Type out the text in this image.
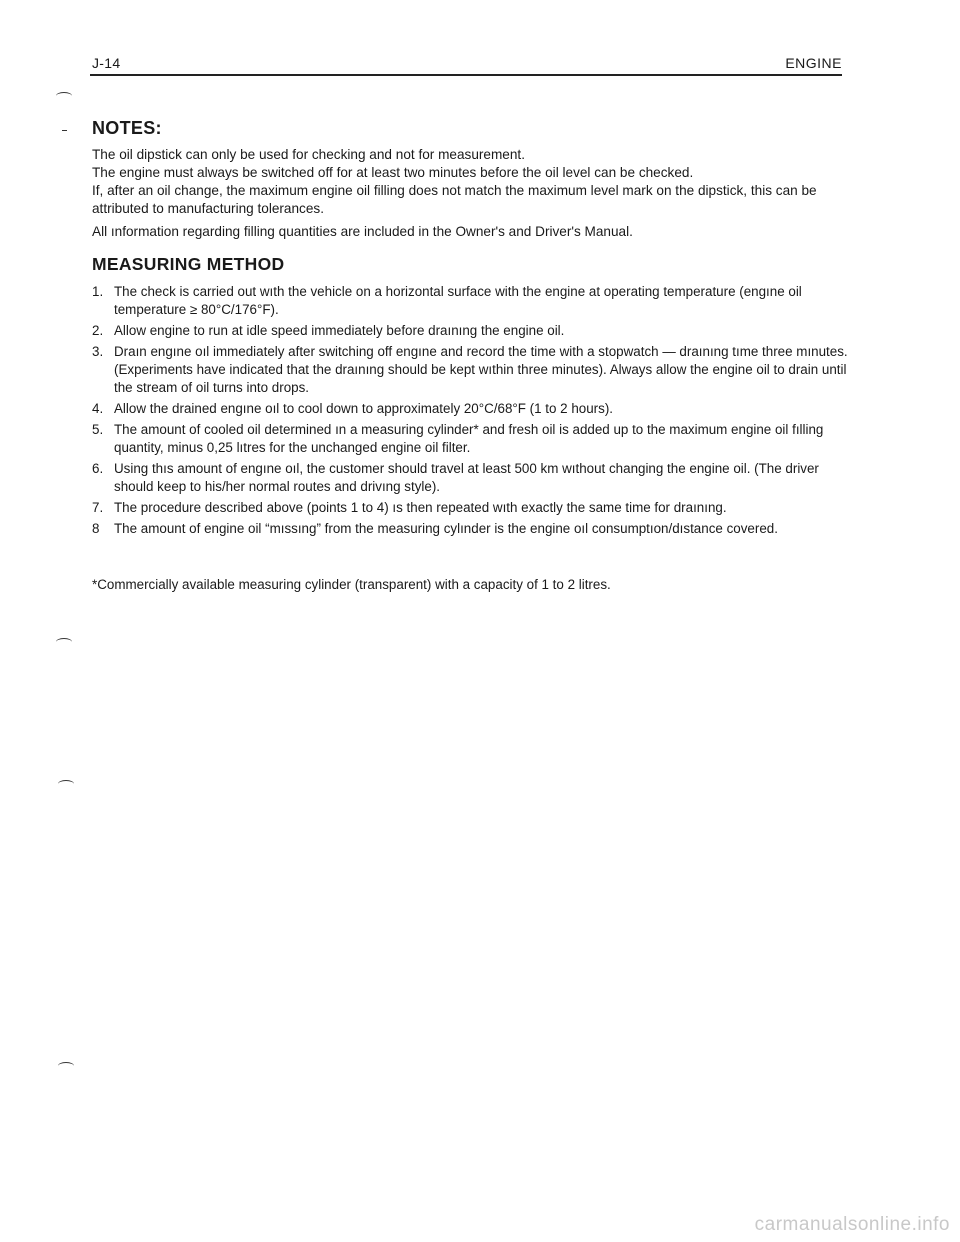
J-14	ENGINE
NOTES:

The oil dipstick can only be used for checking and not for measurement.

The engine must always be switched off for at least two minutes before the oil level can be checked.

If, after an oil change, the maximum engine oil filling does not match the maximum level mark on the dipstick, this can be attributed to manufacturing tolerances.

All ınformation regarding filling quantities are included in the Owner's and Driver's Manual.

MEASURING METHOD
1. The check is carried out wıth the vehicle on a horizontal surface with the engine at operating temperature (engıne oil temperature ≥ 80°C/176°F).
2. Allow engine to run at idle speed immediately before draınıng the engine oil.
3. Draın engıne oıl immediately after switching off engıne and record the time with a stopwatch — draınıng tıme three mınutes. (Experiments have indicated that the draınıng should be kept wıthin three minutes). Always allow the engine oil to drain until the stream of oil turns into drops.
4. Allow the drained engıne oıl to cool down to approximately 20°C/68°F (1 to 2 hours).
5. The amount of cooled oil determined ın a measuring cylinder* and fresh oil is added up to the maximum engine oil fılling quantity, minus 0,25 lıtres for the unchanged engine oil filter.
6. Using thıs amount of engıne oıl, the customer should travel at least 500 km wıthout changing the engine oil. (The driver should keep to his/her normal routes and drivıng style).
7. The procedure described above (points 1 to 4) ıs then repeated wıth exactly the same time for draınıng.
8 The amount of engine oil “mıssıng” from the measuring cylınder is the engine oıl consumptıon/dıstance covered.
*Commercially available measuring cylinder (transparent) with a capacity of 1 to 2 litres.
carmanualsonline.info
